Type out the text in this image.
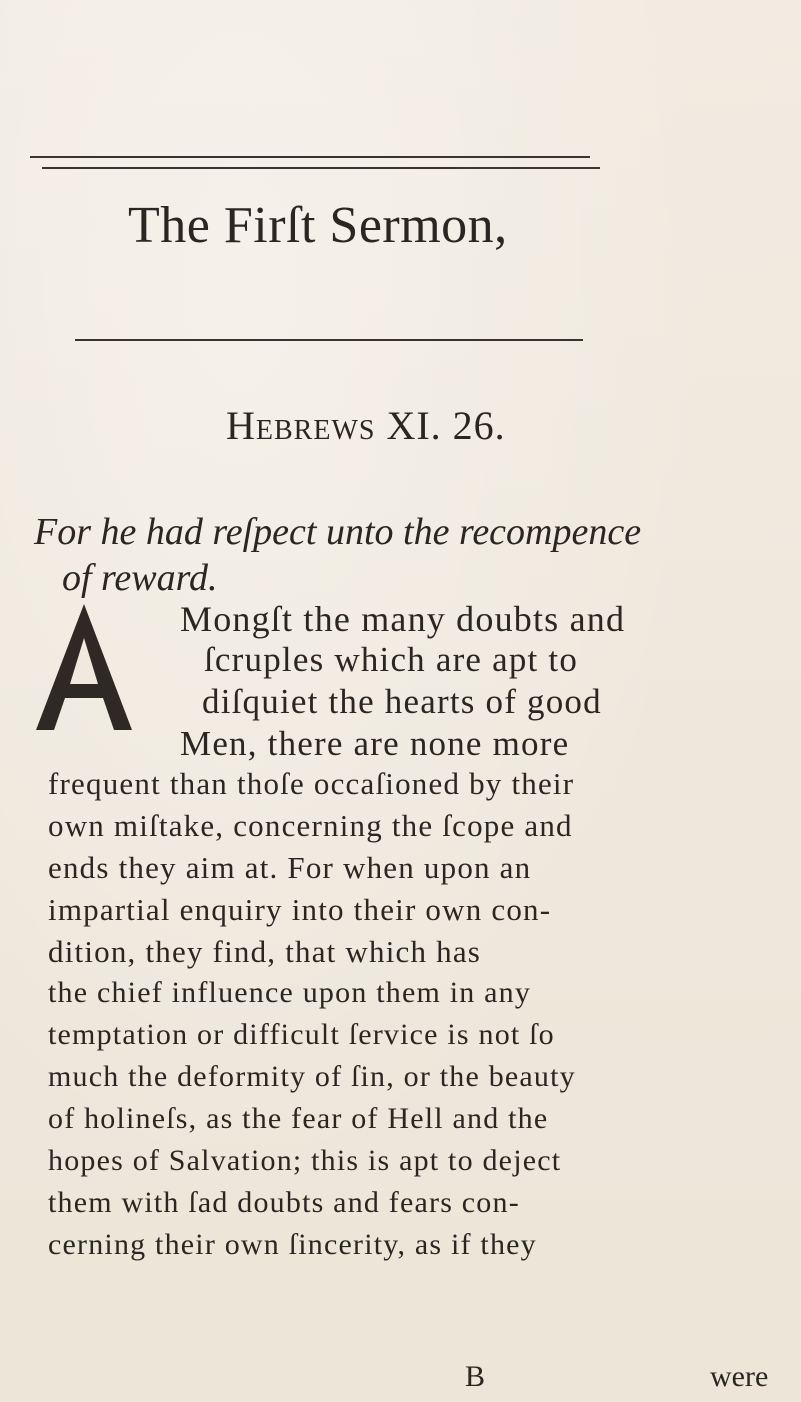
The Firſt Sermon,
Hebrews XI. 26.
For he had reſpect unto the recompence
of reward.
A
Mongſt the many doubts and
ſcruples which are apt to
diſquiet the hearts of good
Men, there are none more
frequent than thoſe occaſioned by their
own miſtake, concerning the ſcope and
ends they aim at. For when upon an
impartial enquiry into their own con-
dition, they find, that which has
the chief influence upon them in any
temptation or difficult ſervice is not ſo
much the deformity of ſin, or the beauty
of holineſs, as the fear of Hell and the
hopes of Salvation; this is apt to deject
them with ſad doubts and fears con-
cerning their own ſincerity, as if they
B	were
